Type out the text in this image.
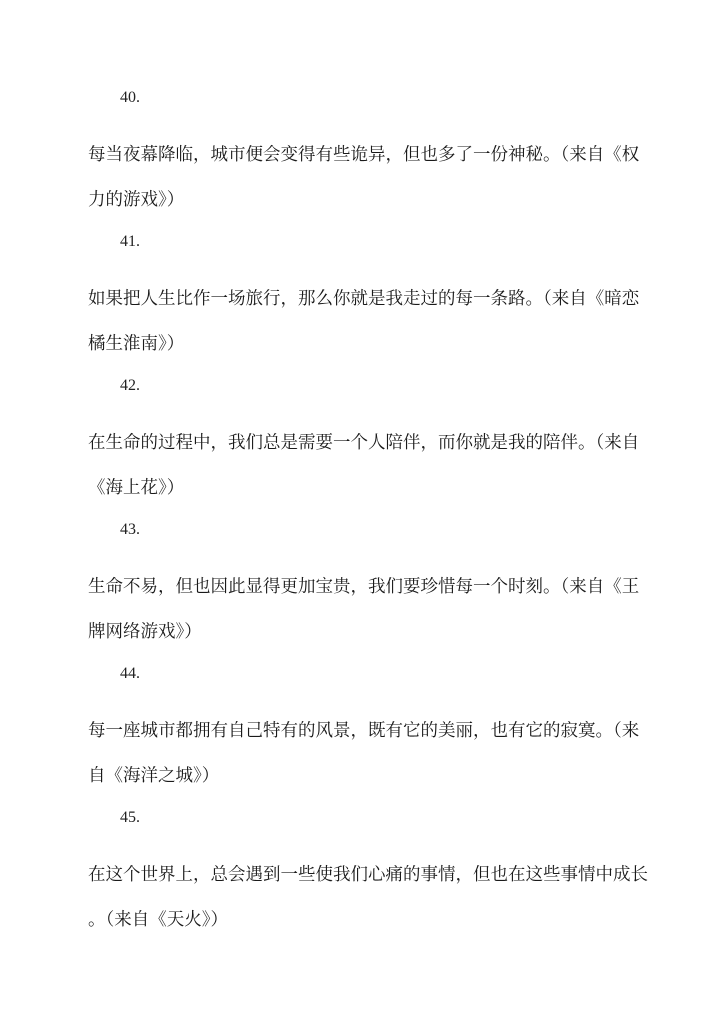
40.
每当夜幕降临，城市便会变得有些诡异，但也多了一份神秘。（来自《权
力的游戏》）
41.
如果把人生比作一场旅行，那么你就是我走过的每一条路。（来自《暗恋
橘生淮南》）
42.
在生命的过程中，我们总是需要一个人陪伴，而你就是我的陪伴。（来自
《海上花》）
43.
生命不易，但也因此显得更加宝贵，我们要珍惜每一个时刻。（来自《王
牌网络游戏》）
44.
每一座城市都拥有自己特有的风景，既有它的美丽，也有它的寂寞。（来
自《海洋之城》）
45.
在这个世界上，总会遇到一些使我们心痛的事情，但也在这些事情中成长
。（来自《天火》）
